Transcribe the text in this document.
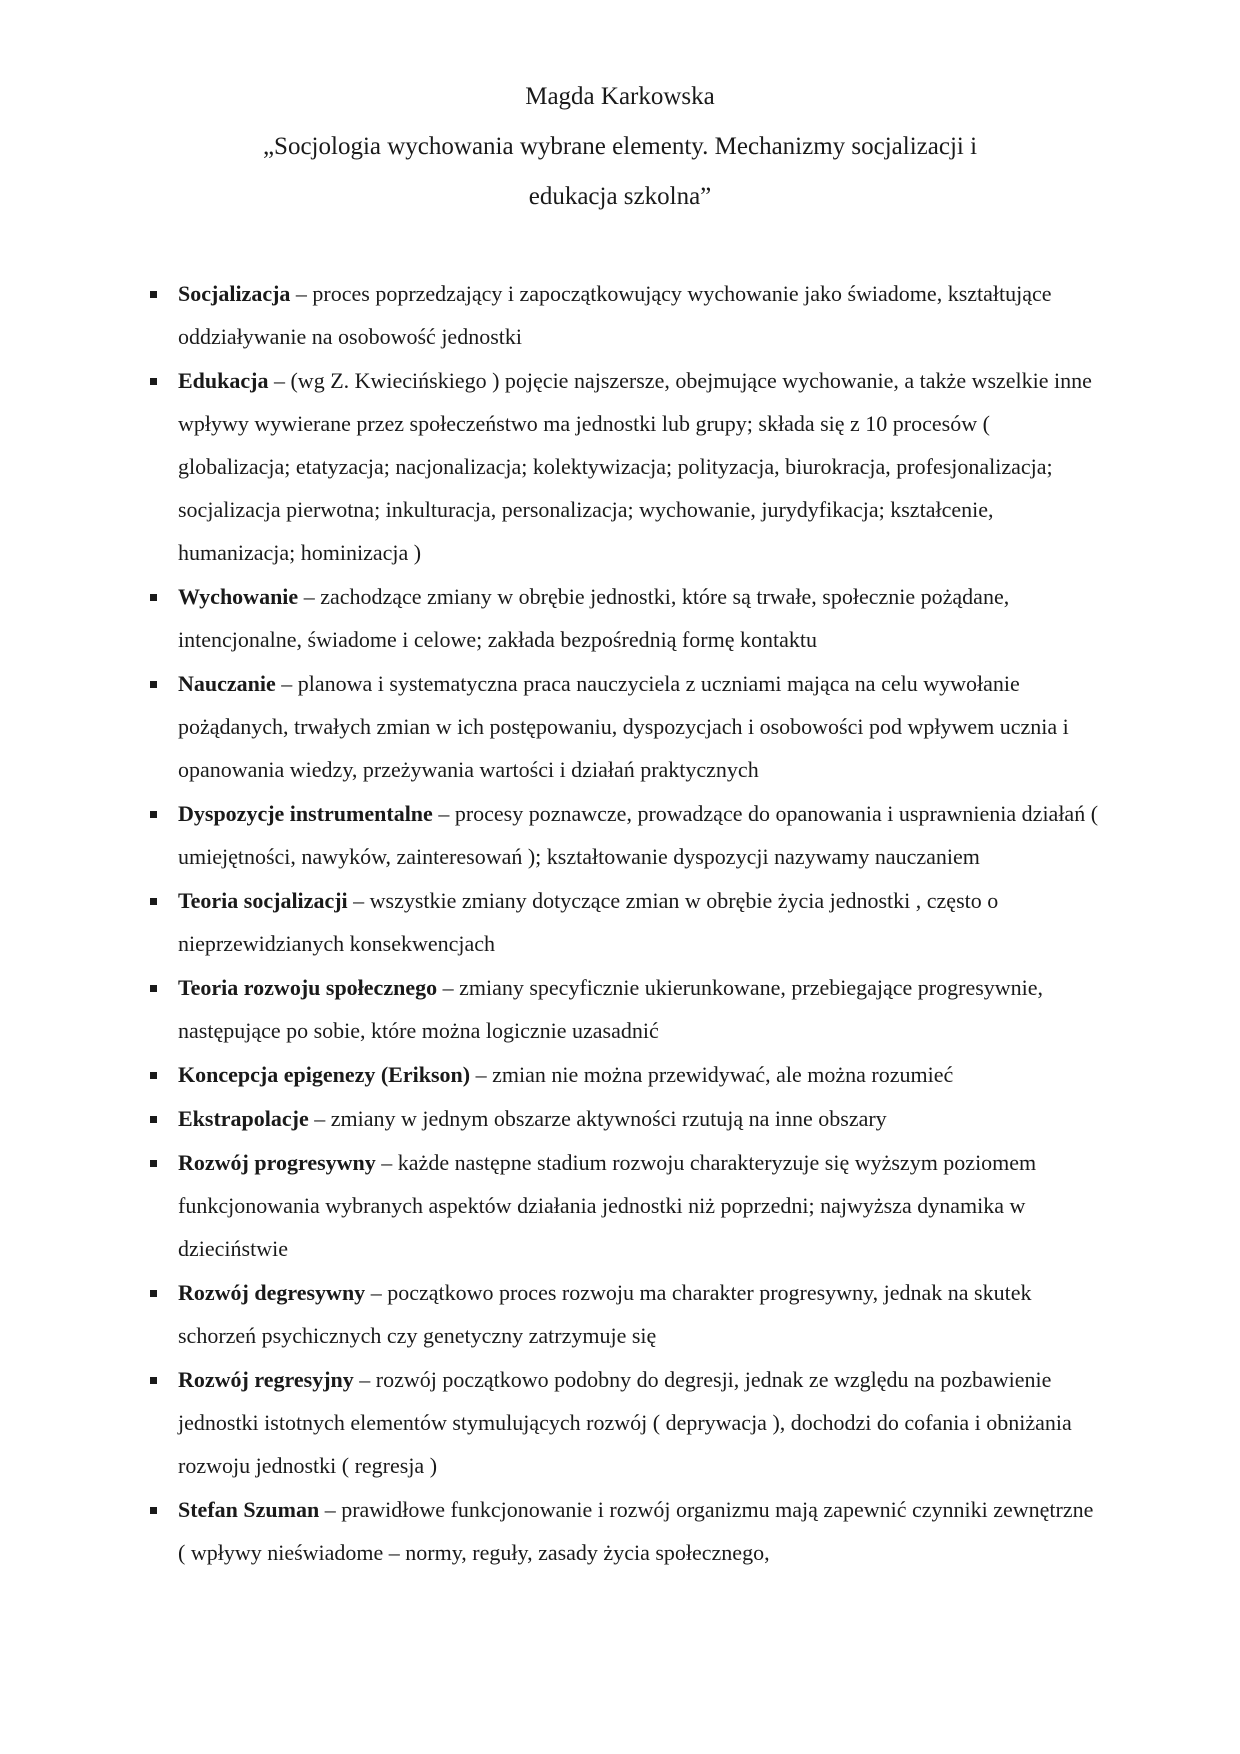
Magda Karkowska
„Socjologia wychowania wybrane elementy. Mechanizmy socjalizacji i
edukacja szkolna”
Socjalizacja – proces poprzedzający i zapoczątkowujący wychowanie jako świadome, kształtujące oddziaływanie na osobowość jednostki
Edukacja – (wg Z. Kwiecińskiego ) pojęcie najszersze, obejmujące wychowanie, a także wszelkie inne wpływy wywierane przez społeczeństwo ma jednostki lub grupy; składa się z 10 procesów ( globalizacja; etatyzacja; nacjonalizacja; kolektywizacja; polityzacja, biurokracja, profesjonalizacja; socjalizacja pierwotna; inkulturacja, personalizacja; wychowanie, jurydyfikacja; kształcenie, humanizacja; hominizacja )
Wychowanie – zachodzące zmiany w obrębie jednostki, które są trwałe, społecznie pożądane, intencjonalne, świadome i celowe; zakłada bezpośrednią formę kontaktu
Nauczanie – planowa i systematyczna praca nauczyciela z uczniami mająca na celu wywołanie pożądanych, trwałych zmian w ich postępowaniu, dyspozycjach i osobowości pod wpływem ucznia i opanowania wiedzy, przeżywania wartości i działań praktycznych
Dyspozycje instrumentalne – procesy poznawcze, prowadzące do opanowania i usprawnienia działań ( umiejętności, nawyków, zainteresowań ); kształtowanie dyspozycji nazywamy nauczaniem
Teoria socjalizacji – wszystkie zmiany dotyczące zmian w obrębie życia jednostki , często o nieprzewidzianych konsekwencjach
Teoria rozwoju społecznego – zmiany specyficznie ukierunkowane, przebiegające progresywnie, następujące po sobie, które można logicznie uzasadnić
Koncepcja epigenezy (Erikson) – zmian nie można przewidywać, ale można rozumieć
Ekstrapolacje – zmiany w jednym obszarze aktywności rzutują na inne obszary
Rozwój progresywny – każde następne stadium rozwoju charakteryzuje się wyższym poziomem funkcjonowania wybranych aspektów działania jednostki niż poprzedni; najwyższa dynamika w dzieciństwie
Rozwój degresywny – początkowo proces rozwoju ma charakter progresywny, jednak na skutek schorzeń psychicznych czy genetyczny zatrzymuje się
Rozwój regresyjny – rozwój początkowo podobny do degresji, jednak ze względu na pozbawienie jednostki istotnych elementów stymulujących rozwój ( deprywacja ), dochodzi do cofania i obniżania rozwoju jednostki ( regresja )
Stefan Szuman – prawidłowe funkcjonowanie i rozwój organizmu mają zapewnić czynniki zewnętrzne ( wpływy nieświadome – normy, reguły, zasady życia społecznego,
